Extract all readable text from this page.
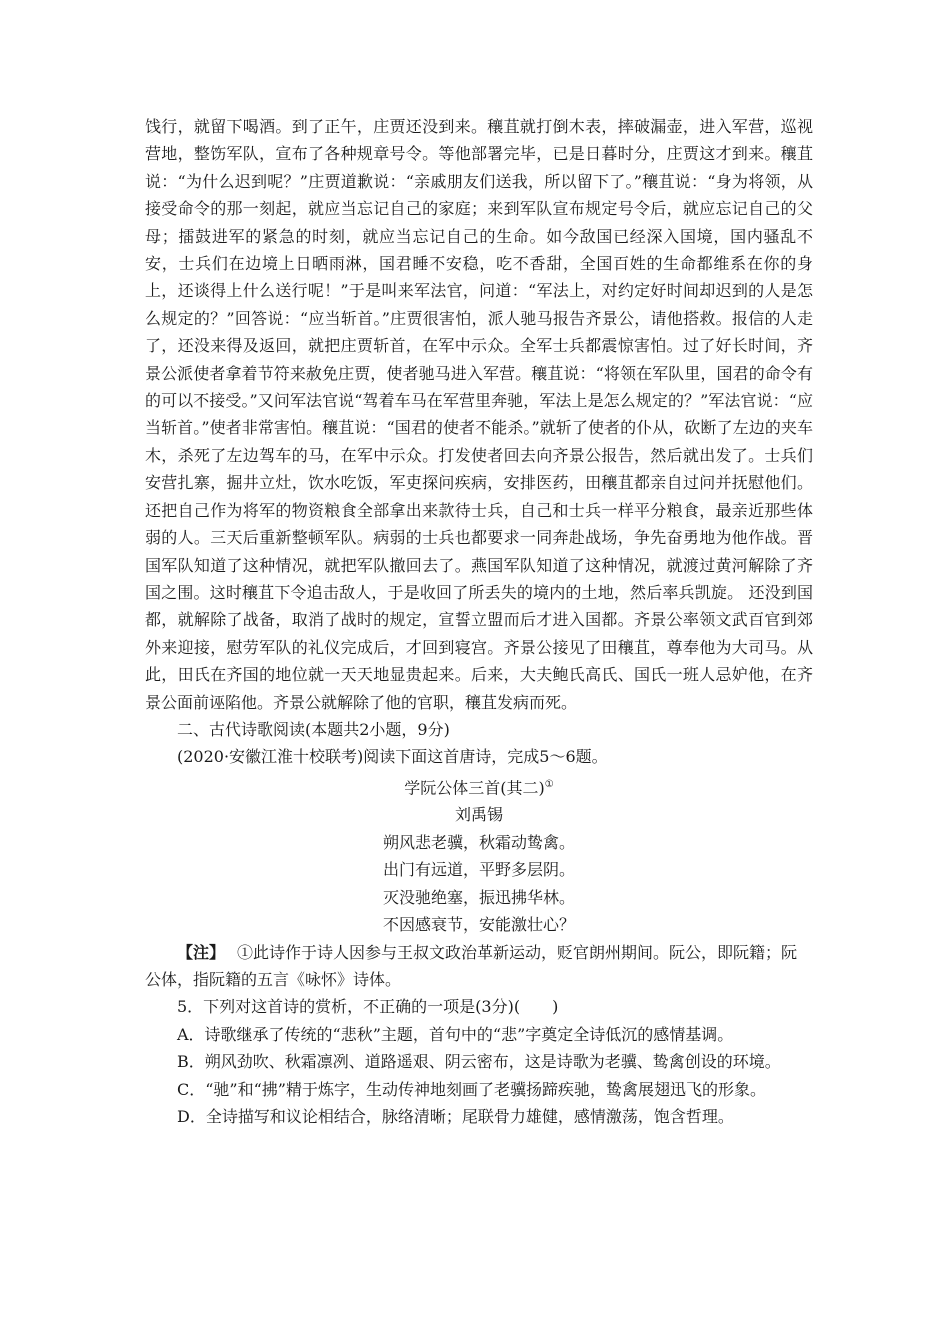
饯行，就留下喝酒。到了正午，庄贾还没到来。穰苴就打倒木表，摔破漏壶，进入军营，巡视营地，整饬军队，宣布了各种规章号令。等他部署完毕，已是日暮时分，庄贾这才到来。穰苴说：“为什么迟到呢？”庄贾道歉说：“亲戚朋友们送我，所以留下了。”穰苴说：“身为将领，从接受命令的那一刻起，就应当忘记自己的家庭；来到军队宣布规定号令后，就应忘记自己的父母；擂鼓进军的紧急的时刻，就应当忘记自己的生命。如今敌国已经深入国境，国内骚乱不安，士兵们在边境上日晒雨淋，国君睡不安稳，吃不香甜，全国百姓的生命都维系在你的身上，还谈得上什么送行呢！”于是叫来军法官，问道：“军法上，对约定好时间却迟到的人是怎么规定的？”回答说：“应当斩首。”庄贾很害怕，派人驰马报告齐景公，请他搭救。报信的人走了，还没来得及返回，就把庄贾斩首，在军中示众。全军士兵都震惊害怕。过了好长时间，齐景公派使者拿着节符来赦免庄贾，使者驰马进入军营。穰苴说：“将领在军队里，国君的命令有的可以不接受。”又问军法官说“驾着车马在军营里奔驰，军法上是怎么规定的？”军法官说：“应当斩首。”使者非常害怕。穰苴说：“国君的使者不能杀。”就斩了使者的仆从，砍断了左边的夹车木，杀死了左边驾车的马，在军中示众。打发使者回去向齐景公报告，然后就出发了。士兵们安营扎寨，掘井立灶，饮水吃饭，军吏探问疾病，安排医药，田穰苴都亲自过问并抚慰他们。还把自己作为将军的物资粮食全部拿出来款待士兵，自己和士兵一样平分粮食，最亲近那些体弱的人。三天后重新整顿军队。病弱的士兵也都要求一同奔赴战场，争先奋勇地为他作战。晋国军队知道了这种情况，就把军队撤回去了。燕国军队知道了这种情况，就渡过黄河解除了齐国之围。这时穰苴下令追击敌人，于是收回了所丢失的境内的土地，然后率兵凯旋。 还没到国都，就解除了战备，取消了战时的规定，宣誓立盟而后才进入国都。齐景公率领文武百官到郊外来迎接，慰劳军队的礼仪完成后，才回到寝宫。齐景公接见了田穰苴，尊奉他为大司马。从此，田氏在齐国的地位就一天天地显贵起来。后来，大夫鲍氏高氏、国氏一班人忌妒他，在齐景公面前诬陷他。齐景公就解除了他的官职，穰苴发病而死。

二、古代诗歌阅读(本题共2小题，9分)

(2020·安徽江淮十校联考)阅读下面这首唐诗，完成5～6题。

学阮公体三首(其二)①

刘禹锡

朔风悲老骥，秋霜动鸷禽。

出门有远道，平野多层阴。

灭没驰绝塞，振迅拂华林。

不因感衰节，安能激壮心？

【注】 ①此诗作于诗人因参与王叔文政治革新运动，贬官朗州期间。阮公，即阮籍；阮公体，指阮籍的五言《咏怀》诗体。

5．下列对这首诗的赏析，不正确的一项是(3分)(　　)

A．诗歌继承了传统的“悲秋”主题，首句中的“悲”字奠定全诗低沉的感情基调。

B．朔风劲吹、秋霜凛冽、道路遥艰、阴云密布，这是诗歌为老骥、鸷禽创设的环境。

C．“驰”和“拂”精于炼字，生动传神地刻画了老骥扬蹄疾驰，鸷禽展翅迅飞的形象。

D．全诗描写和议论相结合，脉络清晰；尾联骨力雄健，感情激荡，饱含哲理。
